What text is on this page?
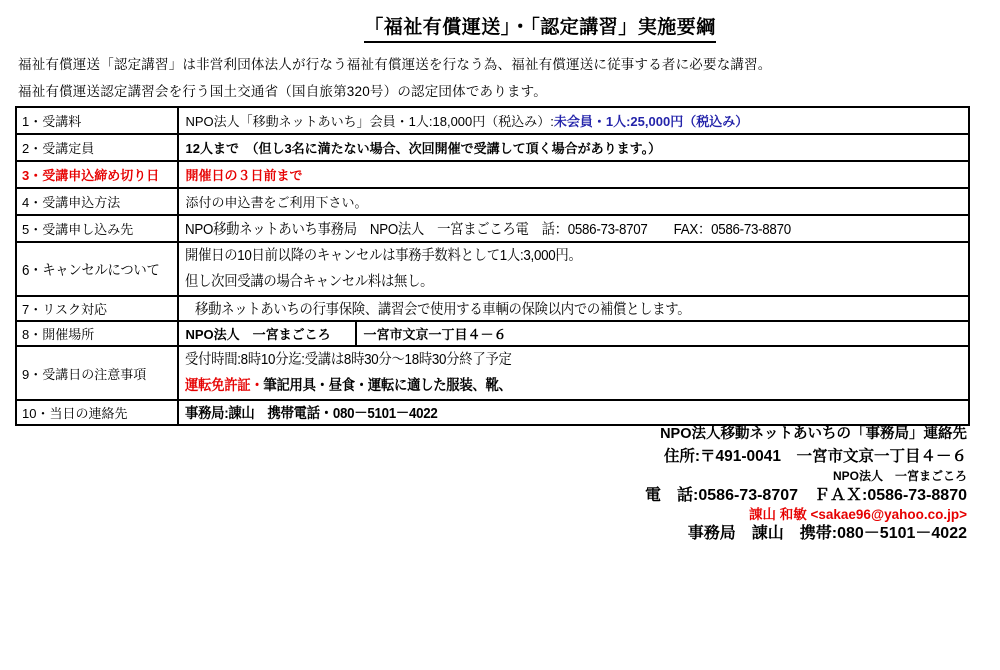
「福祉有償運送」・「認定講習」実施要綱
福祉有償運送「認定講習」は非営利団体法人が行なう福祉有償運送を行なう為、福祉有償運送に従事する者に必要な講習。
福祉有償運送認定講習会を行う国土交通省（国自旅第320号）の認定団体であります。
1・受講料	NPO法人「移動ネットあいち」会員・1人:18,000円（税込み）:未会員・1人:25,000円（税込み）	
2・受講定員	12人まで　（但し3名に満たない場合、次回開催で受講して頂く場合があります。）	
3・受講申込締め切り日	開催日の３日前まで	
4・受講申込方法	添付の申込書をご利用下さい。	
5・受講申し込み先	NPO移動ネットあいち事務局　NPO法人　一宮まごころ電　話：0586-73-8707　　FAX：0586-73-8870	
6・キャンセルについて	開催日の10日前以降のキャンセルは事務手数料として1人:3,000円。
但し次回受講の場合キャンセル料は無し。	

7・リスク対応	移動ネットあいちの行事保険、講習会で使用する車輌の保険以内での補償とします。	
8・開催場所	NPO法人　一宮まごころ	一宮市文京一丁目４－６
9・受講日の注意事項	受付時間:8時10分迄:受講は8時30分～18時30分終了予定
運転免許証・筆記用具・昼食・運転に適した服装、靴、	

10・当日の連絡先	事務局:諌山　携帯電話・080－5101－4022	
NPO法人移動ネットあいちの「事務局」連絡先
住所:〒491-0041　一宮市文京一丁目４－６
NPO法人　一宮まごころ
電　話:0586-73-8707　ＦＡＸ:0586-73-8870
諌山 和敏 <sakae96@yahoo.co.jp>
事務局　諌山　携帯:080－5101－4022
